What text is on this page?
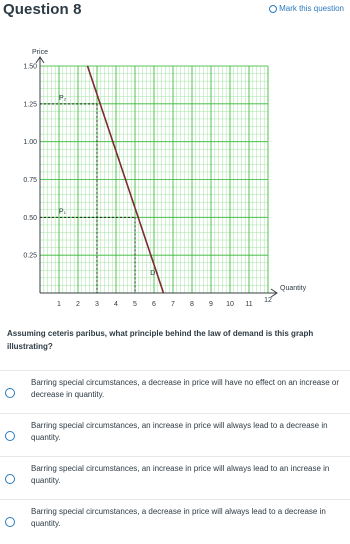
Question 8	Mark this question
Price
Quantity
1.50
1.25
1.00
0.75
0.50
0.25
1 2 3 4 5 6 7 8 9 10 11
12
P₂
P₁
D
Assuming ceteris paribus, what principle behind the law of demand is this graph illustrating?
Barring special circumstances, a decrease in price will have no effect on an increase or decrease in quantity.
Barring special circumstances, an increase in price will always lead to a decrease in quantity.
Barring special circumstances, an increase in price will always lead to an increase in quantity.
Barring special circumstances, a decrease in price will always lead to a decrease in quantity.
